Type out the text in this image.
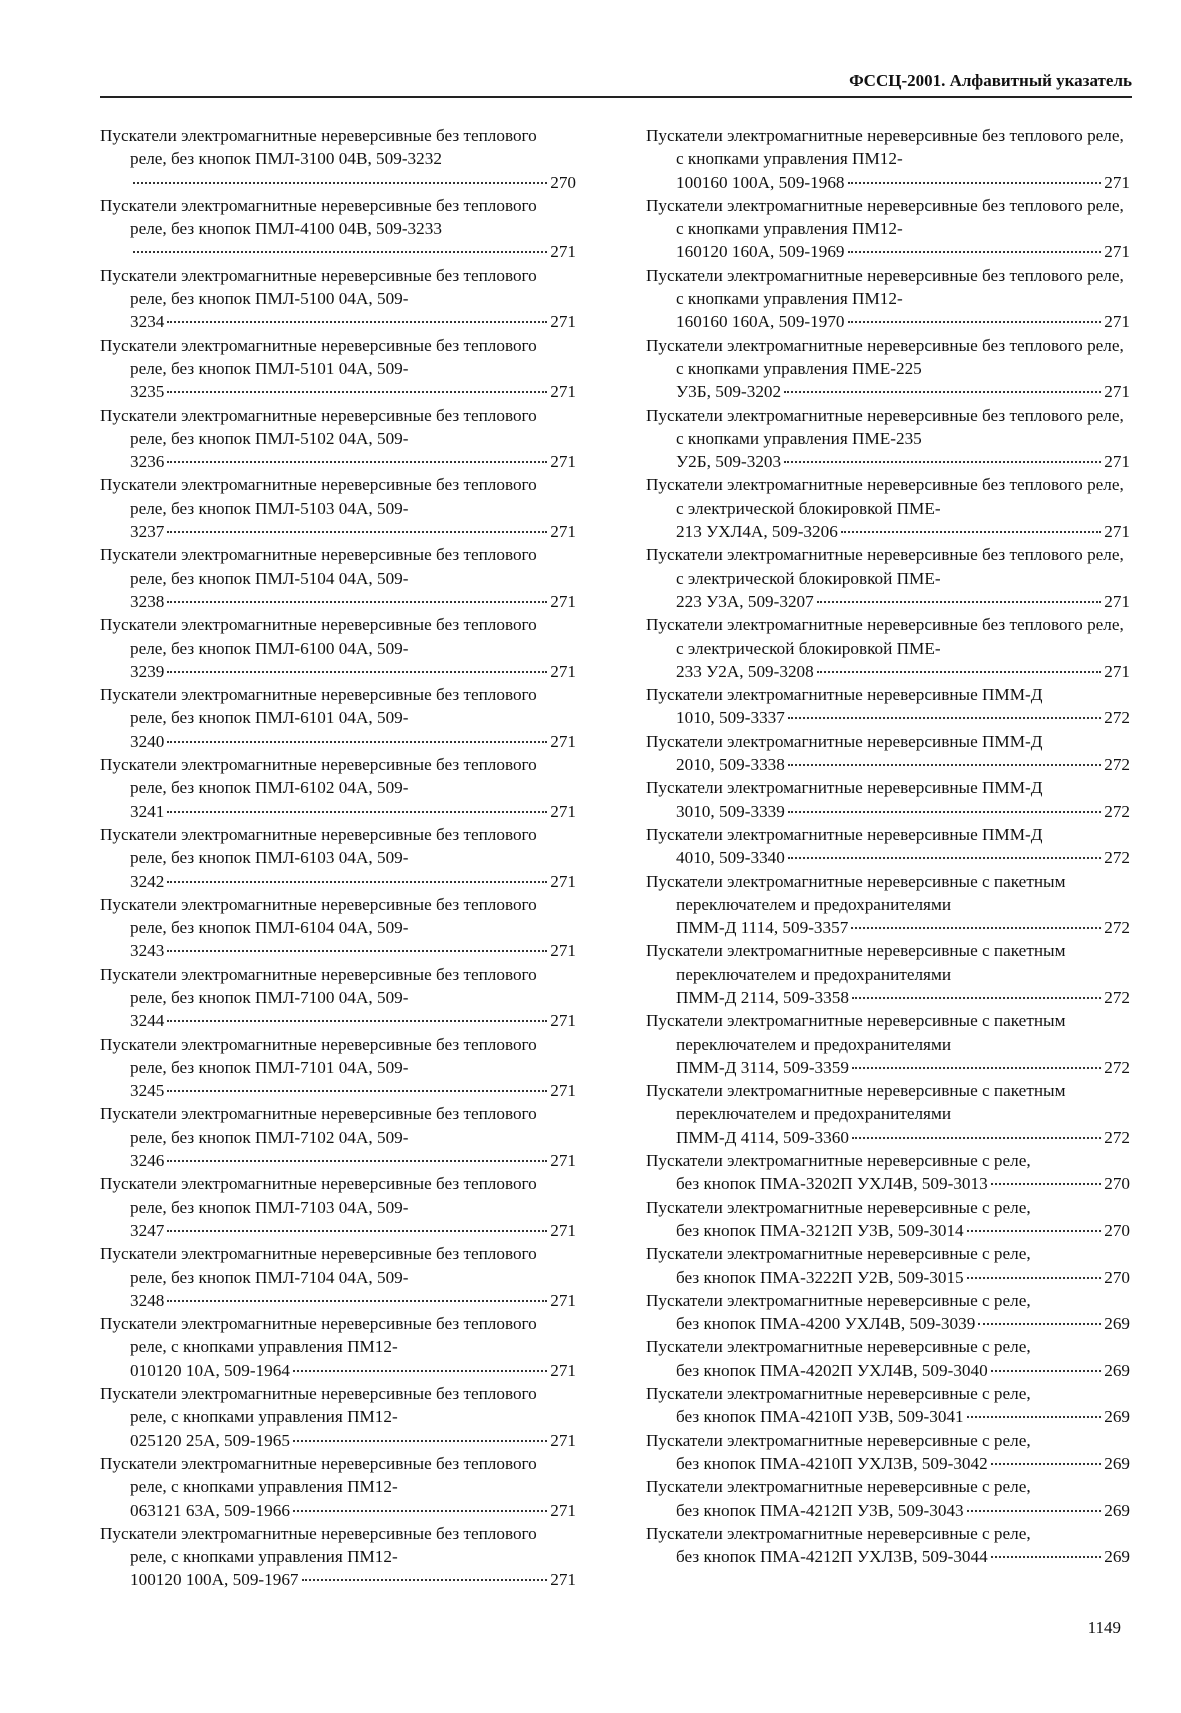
ФССЦ-2001. Алфавитный указатель
Пускатели электромагнитные нереверсивные без теплового реле, без кнопок ПМЛ-3100 04В, 509-3232
270
Пускатели электромагнитные нереверсивные без теплового реле, без кнопок ПМЛ-4100 04В, 509-3233
271
Пускатели электромагнитные нереверсивные без теплового реле, без кнопок ПМЛ-5100 04А, 509-
3234	271
Пускатели электромагнитные нереверсивные без теплового реле, без кнопок ПМЛ-5101 04А, 509-
3235	271
Пускатели электромагнитные нереверсивные без теплового реле, без кнопок ПМЛ-5102 04А, 509-
3236	271
Пускатели электромагнитные нереверсивные без теплового реле, без кнопок ПМЛ-5103 04А, 509-
3237	271
Пускатели электромагнитные нереверсивные без теплового реле, без кнопок ПМЛ-5104 04А, 509-
3238	271
Пускатели электромагнитные нереверсивные без теплового реле, без кнопок ПМЛ-6100 04А, 509-
3239	271
Пускатели электромагнитные нереверсивные без теплового реле, без кнопок ПМЛ-6101 04А, 509-
3240	271
Пускатели электромагнитные нереверсивные без теплового реле, без кнопок ПМЛ-6102 04А, 509-
3241	271
Пускатели электромагнитные нереверсивные без теплового реле, без кнопок ПМЛ-6103 04А, 509-
3242	271
Пускатели электромагнитные нереверсивные без теплового реле, без кнопок ПМЛ-6104 04А, 509-
3243	271
Пускатели электромагнитные нереверсивные без теплового реле, без кнопок ПМЛ-7100 04А, 509-
3244	271
Пускатели электромагнитные нереверсивные без теплового реле, без кнопок ПМЛ-7101 04А, 509-
3245	271
Пускатели электромагнитные нереверсивные без теплового реле, без кнопок ПМЛ-7102 04А, 509-
3246	271
Пускатели электромагнитные нереверсивные без теплового реле, без кнопок ПМЛ-7103 04А, 509-
3247	271
Пускатели электромагнитные нереверсивные без теплового реле, без кнопок ПМЛ-7104 04А, 509-
3248	271
Пускатели электромагнитные нереверсивные без теплового реле, с кнопками управления ПМ12-
010120 10А, 509-1964	271
Пускатели электромагнитные нереверсивные без теплового реле, с кнопками управления ПМ12-
025120 25А, 509-1965	271
Пускатели электромагнитные нереверсивные без теплового реле, с кнопками управления ПМ12-
063121 63А, 509-1966	271
Пускатели электромагнитные нереверсивные без теплового реле, с кнопками управления ПМ12-
100120 100А, 509-1967	271
Пускатели электромагнитные нереверсивные без теплового реле, с кнопками управления ПМ12-
100160 100А, 509-1968	271
Пускатели электромагнитные нереверсивные без теплового реле, с кнопками управления ПМ12-
160120 160А, 509-1969	271
Пускатели электромагнитные нереверсивные без теплового реле, с кнопками управления ПМ12-
160160 160А, 509-1970	271
Пускатели электромагнитные нереверсивные без теплового реле, с кнопками управления ПМЕ-225
У3Б, 509-3202	271
Пускатели электромагнитные нереверсивные без теплового реле, с кнопками управления ПМЕ-235
У2Б, 509-3203	271
Пускатели электромагнитные нереверсивные без теплового реле, с электрической блокировкой ПМЕ-
213 УХЛ4А, 509-3206	271
Пускатели электромагнитные нереверсивные без теплового реле, с электрической блокировкой ПМЕ-
223 У3А, 509-3207	271
Пускатели электромагнитные нереверсивные без теплового реле, с электрической блокировкой ПМЕ-
233 У2А, 509-3208	271
Пускатели электромагнитные нереверсивные ПММ-Д
1010, 509-3337	272
Пускатели электромагнитные нереверсивные ПММ-Д
2010, 509-3338	272
Пускатели электромагнитные нереверсивные ПММ-Д
3010, 509-3339	272
Пускатели электромагнитные нереверсивные ПММ-Д
4010, 509-3340	272
Пускатели электромагнитные нереверсивные с пакетным переключателем и предохранителями
ПММ-Д 1114, 509-3357	272
Пускатели электромагнитные нереверсивные с пакетным переключателем и предохранителями
ПММ-Д 2114, 509-3358	272
Пускатели электромагнитные нереверсивные с пакетным переключателем и предохранителями
ПММ-Д 3114, 509-3359	272
Пускатели электромагнитные нереверсивные с пакетным переключателем и предохранителями
ПММ-Д 4114, 509-3360	272
Пускатели электромагнитные нереверсивные с реле,
без кнопок ПМА-3202П УХЛ4В, 509-3013	270
Пускатели электромагнитные нереверсивные с реле,
без кнопок ПМА-3212П У3В, 509-3014	270
Пускатели электромагнитные нереверсивные с реле,
без кнопок ПМА-3222П У2В, 509-3015	270
Пускатели электромагнитные нереверсивные с реле,
без кнопок ПМА-4200 УХЛ4В, 509-3039	269
Пускатели электромагнитные нереверсивные с реле,
без кнопок ПМА-4202П УХЛ4В, 509-3040	269
Пускатели электромагнитные нереверсивные с реле,
без кнопок ПМА-4210П У3В, 509-3041	269
Пускатели электромагнитные нереверсивные с реле,
без кнопок ПМА-4210П УХЛ3В, 509-3042	269
Пускатели электромагнитные нереверсивные с реле,
без кнопок ПМА-4212П У3В, 509-3043	269
Пускатели электромагнитные нереверсивные с реле,
без кнопок ПМА-4212П УХЛ3В, 509-3044	269
1149
